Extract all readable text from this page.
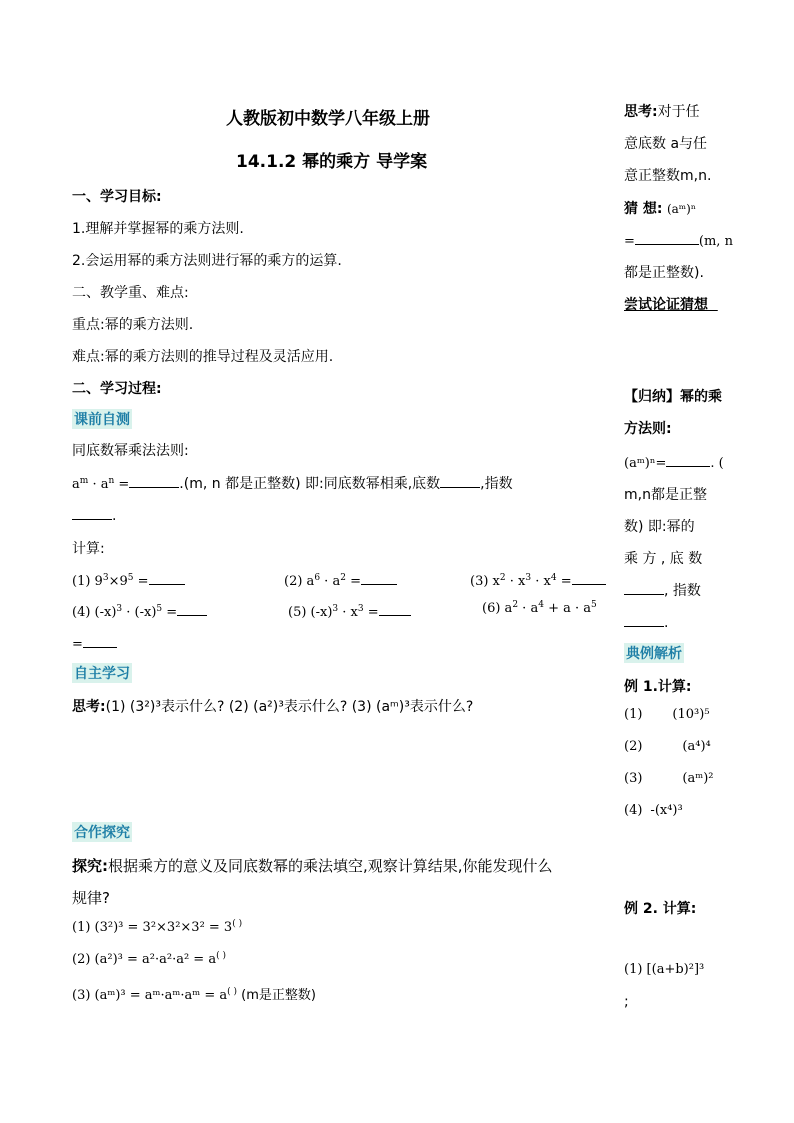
人教版初中数学八年级上册
14.1.2 幂的乘方 导学案
一、学习目标:
1.理解并掌握幂的乘方法则.
2.会运用幂的乘方法则进行幂的乘方的运算.
二、教学重、难点:
重点:幂的乘方法则.
难点:幂的乘方法则的推导过程及灵活应用.
二、学习过程:
课前自测
同底数幂乘法法则:
$a^m \cdot a^n$ =	.(m, n 都是正整数) 即:同底数幂相乘,底数	,指数
.
计算:
(1) $9^3\times 9^5$ =	(2) $a^6 \cdot a^2$ =	(3) $x^2 \cdot x^3 \cdot x^4$ =
(4) $(-x)^3 \cdot (-x)^5$ =	(5) $(-x)^3 \cdot x^3$ =	(6) $a^2 \cdot a^4 + a \cdot a^5$
=
自主学习
思考:(1) (3²)³表示什么? (2) (a²)³表示什么? (3) (aᵐ)³表示什么?
合作探究
探究:根据乘方的意义及同底数幂的乘法填空,观察计算结果,你能发现什么
规律?
(1) (3²)³ = 3²×3²×3² = 3( )
(2) (a²)³ = a²·a²·a² = a( )
(3) (aᵐ)³ = aᵐ·aᵐ·aᵐ = a( ) (m是正整数)
思考:对于任
意底数 a与任
意正整数m,n.
猜 想: (aᵐ)ⁿ
=	(m, n
都是正整数).
尝试论证猜想
【归纳】幂的乘
方法则:
(aᵐ)ⁿ=	. (
m,n都是正整
数) 即:幂的
乘 方 , 底 数
, 指数
.
典例解析
例 1.计算:
(1) (10³)⁵
(2)	(a⁴)⁴
(3)	(aᵐ)²
(4) -(x⁴)³
例 2. 计算:
(1) [(a+b)²]³
;
